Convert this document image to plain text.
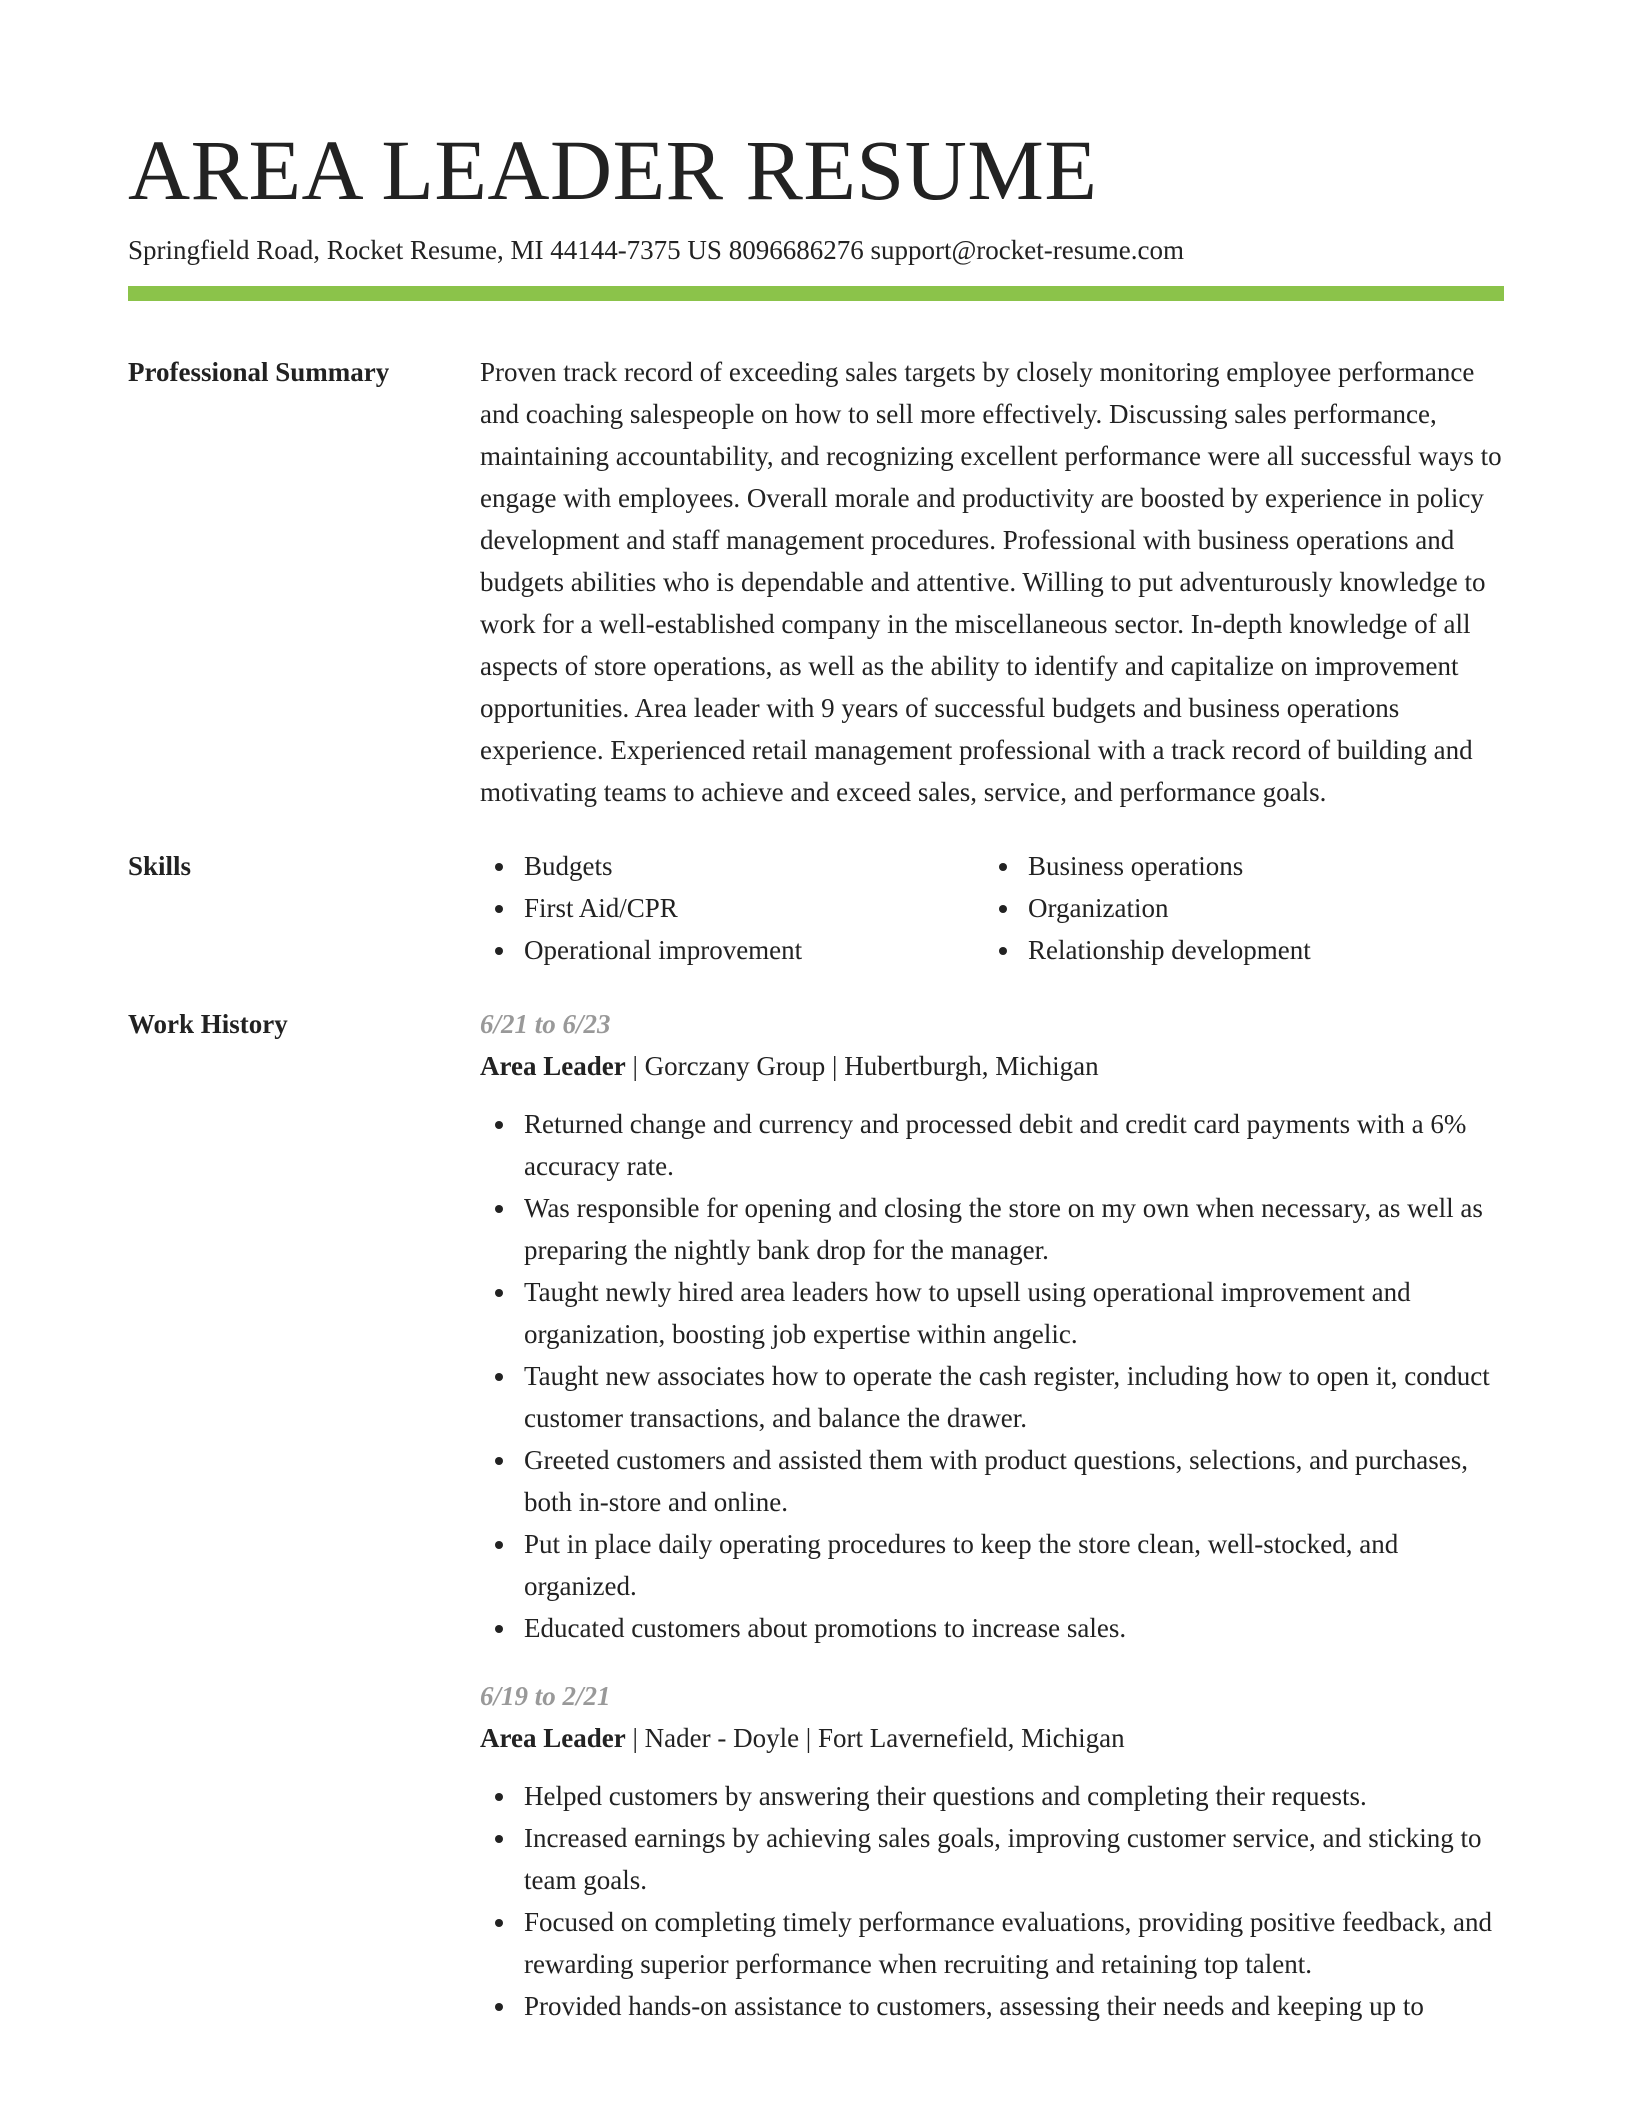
AREA LEADER RESUME
Springfield Road, Rocket Resume, MI 44144-7375 US 8096686276 support@rocket-resume.com
Professional Summary	Proven track record of exceeding sales targets by closely monitoring employee performance and coaching salespeople on how to sell more effectively. Discussing sales performance, maintaining accountability, and recognizing excellent performance were all successful ways to engage with employees. Overall morale and productivity are boosted by experience in policy development and staff management procedures. Professional with business operations and budgets abilities who is dependable and attentive. Willing to put adventurously knowledge to work for a well-established company in the miscellaneous sector. In-depth knowledge of all aspects of store operations, as well as the ability to identify and capitalize on improvement opportunities. Area leader with 9 years of successful budgets and business operations experience. Experienced retail management professional with a track record of building and motivating teams to achieve and exceed sales, service, and performance goals.
Skills	Budgets	Business operations
First Aid/CPR	Organization
Operational improvement	Relationship development
Work History	6/21 to 6/23
Area Leader | Gorczany Group | Hubertburgh, Michigan
Returned change and currency and processed debit and credit card payments with a 6% accuracy rate.
Was responsible for opening and closing the store on my own when necessary, as well as preparing the nightly bank drop for the manager.
Taught newly hired area leaders how to upsell using operational improvement and organization, boosting job expertise within angelic.
Taught new associates how to operate the cash register, including how to open it, conduct customer transactions, and balance the drawer.
Greeted customers and assisted them with product questions, selections, and purchases, both in-store and online.
Put in place daily operating procedures to keep the store clean, well-stocked, and organized.
Educated customers about promotions to increase sales.
6/19 to 2/21
Area Leader | Nader - Doyle | Fort Lavernefield, Michigan
Helped customers by answering their questions and completing their requests.
Increased earnings by achieving sales goals, improving customer service, and sticking to team goals.
Focused on completing timely performance evaluations, providing positive feedback, and rewarding superior performance when recruiting and retaining top talent.
Provided hands-on assistance to customers, assessing their needs and keeping up to
